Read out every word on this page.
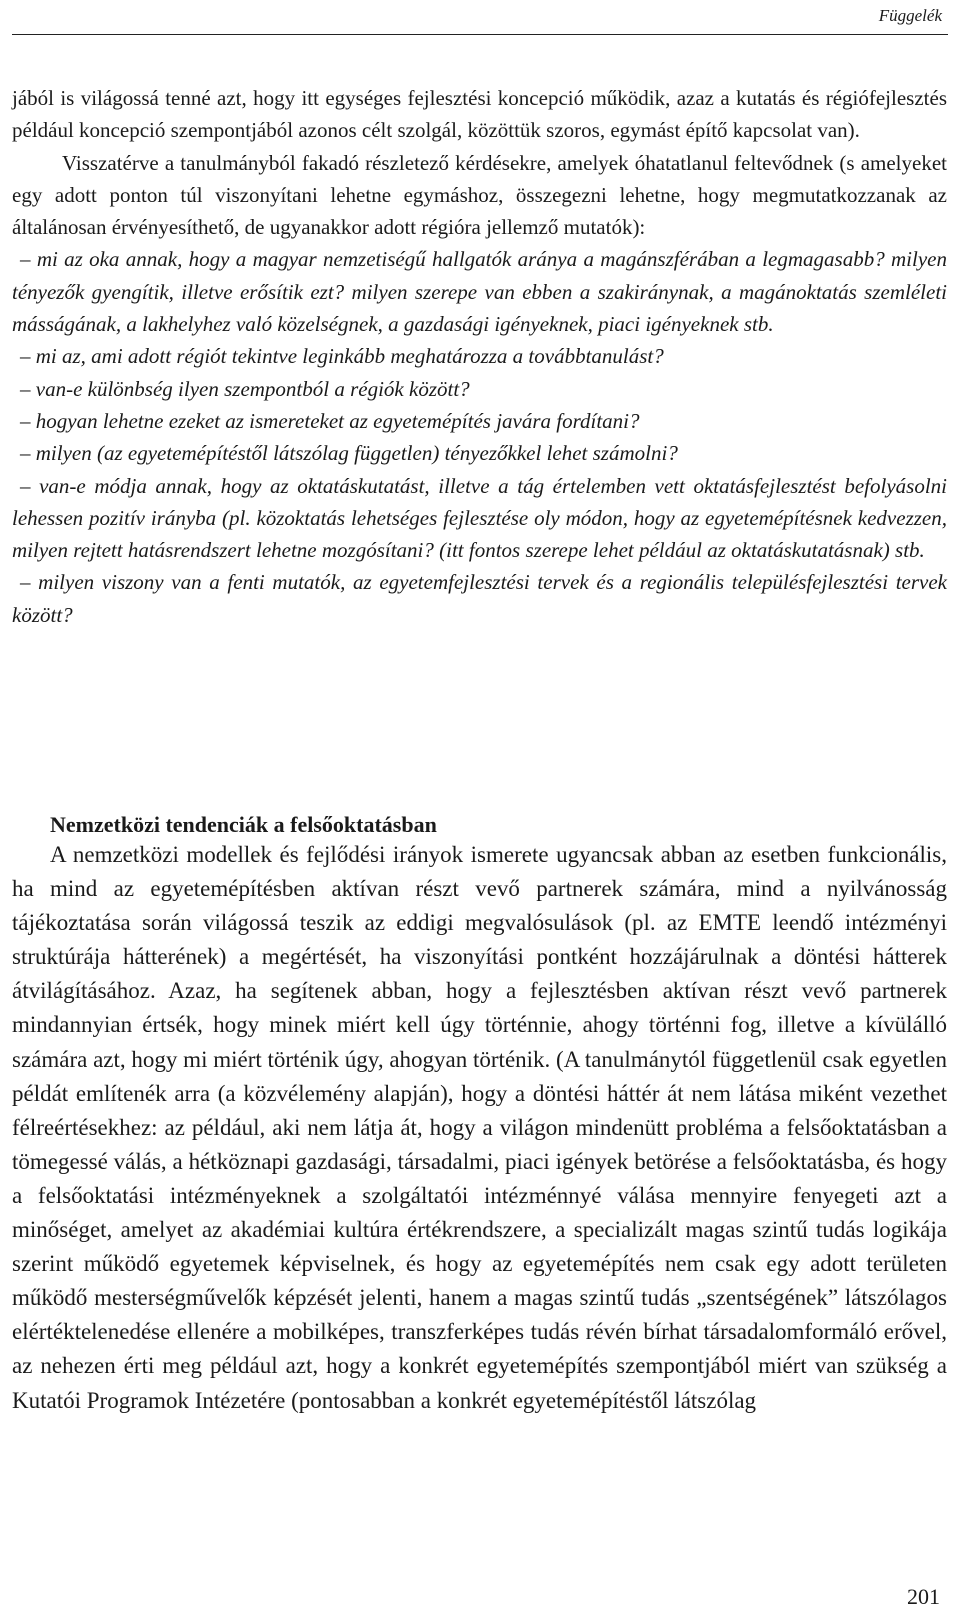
Függelék

jából is világossá tenné azt, hogy itt egységes fejlesztési koncepció működik, azaz a kutatás és régiófejlesztés például koncepció szempontjából azonos célt szolgál, közöttük szoros, egymást építő kapcsolat van).

Visszatérve a tanulmányból fakadó részletező kérdésekre, amelyek óhatatlanul feltevődnek (s amelyeket egy adott ponton túl viszonyítani lehetne egymáshoz, összegezni lehetne, hogy megmutatkozzanak az általánosan érvényesíthető, de ugyanakkor adott régióra jellemző mutatók):

– mi az oka annak, hogy a magyar nemzetiségű hallgatók aránya a magánszférában a legmagasabb? milyen tényezők gyengítik, illetve erősítik ezt? milyen szerepe van ebben a szakiránynak, a magánoktatás szemléleti másságának, a lakhelyhez való közelségnek, a gazdasági igényeknek, piaci igényeknek stb.

– mi az, ami adott régiót tekintve leginkább meghatározza a továbbtanulást?

– van-e különbség ilyen szempontból a régiók között?

– hogyan lehetne ezeket az ismereteket az egyetemépítés javára fordítani?

– milyen (az egyetemépítéstől látszólag független) tényezőkkel lehet számolni?

– van-e módja annak, hogy az oktatáskutatást, illetve a tág értelemben vett oktatásfejlesztést befolyásolni lehessen pozitív irányba (pl. közoktatás lehetséges fejlesztése oly módon, hogy az egyetemépítésnek kedvezzen, milyen rejtett hatásrendszert lehetne mozgósítani? (itt fontos szerepe lehet például az oktatáskutatásnak) stb.

– milyen viszony van a fenti mutatók, az egyetemfejlesztési tervek és a regionális településfejlesztési tervek között?

Nemzetközi tendenciák a felsőoktatásban

A nemzetközi modellek és fejlődési irányok ismerete ugyancsak abban az esetben funkcionális, ha mind az egyetemépítésben aktívan részt vevő partnerek számára, mind a nyilvánosság tájékoztatása során világossá teszik az eddigi megvalósulások (pl. az EMTE leendő intézményi struktúrája hátterének) a megértését, ha viszonyítási pontként hozzájárulnak a döntési hátterek átvilágításához. Azaz, ha segítenek abban, hogy a fejlesztésben aktívan részt vevő partnerek mindannyian értsék, hogy minek miért kell úgy történnie, ahogy történni fog, illetve a kívülálló számára azt, hogy mi miért történik úgy, ahogyan történik. (A tanulmánytól függetlenül csak egyetlen példát említenék arra (a közvélemény alapján), hogy a döntési háttér át nem látása miként vezethet félreértésekhez: az például, aki nem látja át, hogy a világon mindenütt probléma a felsőoktatásban a tömegessé válás, a hétköznapi gazdasági, társadalmi, piaci igények betörése a felsőoktatásba, és hogy a felsőoktatási intézményeknek a szolgáltatói intézménnyé válása mennyire fenyegeti azt a minőséget, amelyet az akadémiai kultúra értékrendszere, a specializált magas szintű tudás logikája szerint működő egyetemek képviselnek, és hogy az egyetemépítés nem csak egy adott területen működő mesterségművelők képzését jelenti, hanem a magas szintű tudás „szentségének” látszólagos elértéktelenedése ellenére a mobilképes, transzferképes tudás révén bírhat társadalomformáló erővel, az nehezen érti meg például azt, hogy a konkrét egyetemépítés szempontjából miért van szükség a Kutatói Programok Intézetére (pontosabban a konkrét egyetemépítéstől látszólag

201
